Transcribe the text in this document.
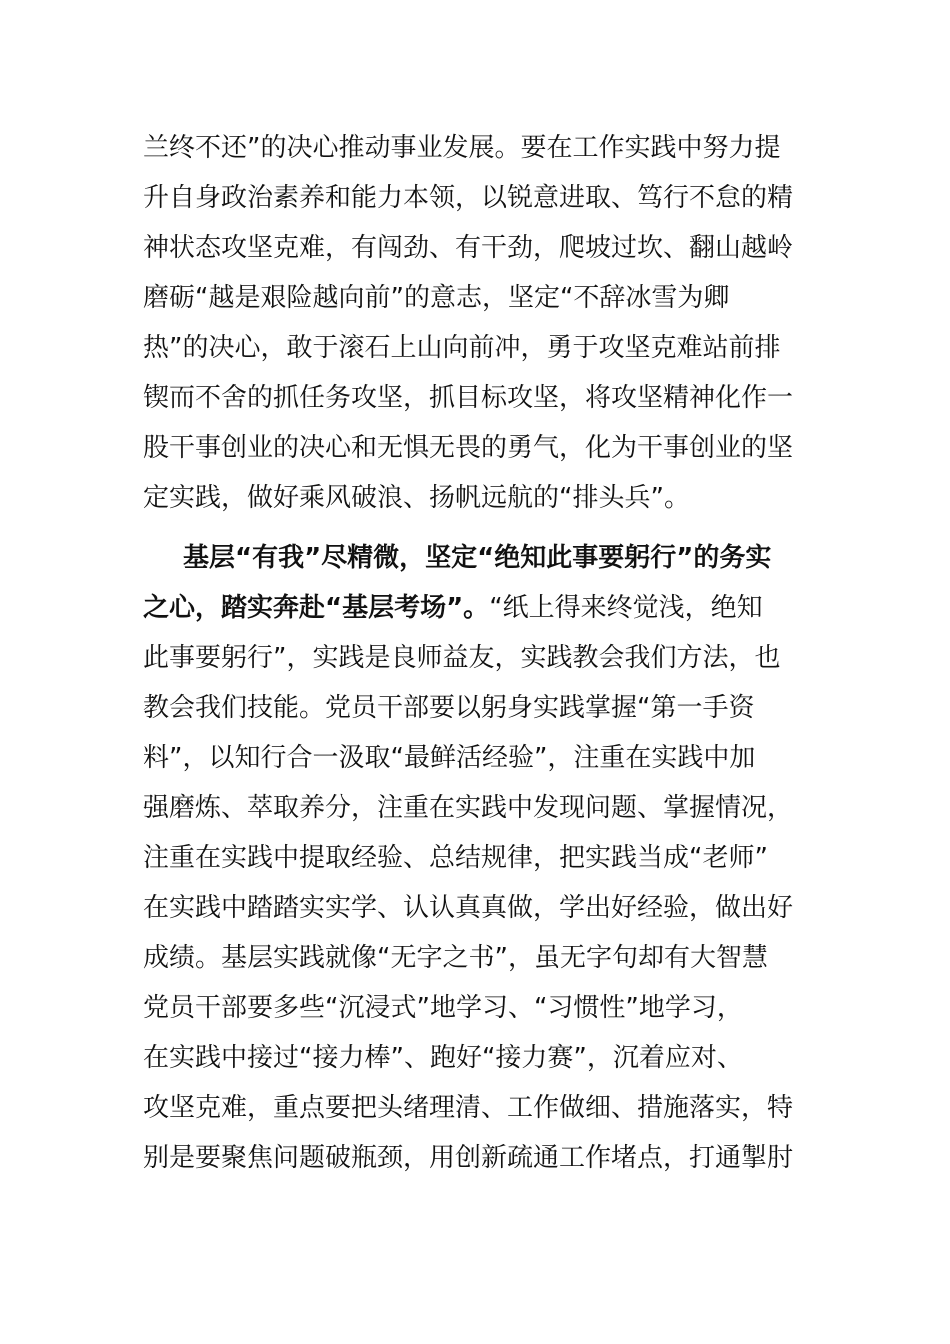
兰终不还”的决心推动事业发展。要在工作实践中努力提
升自身政治素养和能力本领，以锐意进取、笃行不怠的精
神状态攻坚克难，有闯劲、有干劲，爬坡过坎、翻山越岭
磨砺“越是艰险越向前”的意志，坚定“不辞冰雪为卿
热”的决心，敢于滚石上山向前冲，勇于攻坚克难站前排
锲而不舍的抓任务攻坚，抓目标攻坚，将攻坚精神化作一
股干事创业的决心和无惧无畏的勇气，化为干事创业的坚
定实践，做好乘风破浪、扬帆远航的“排头兵”。
基层“有我”尽精微，坚定“绝知此事要躬行”的务实
之心，踏实奔赴“基层考场”。“纸上得来终觉浅，绝知
此事要躬行”，实践是良师益友，实践教会我们方法，也
教会我们技能。党员干部要以躬身实践掌握“第一手资
料”，以知行合一汲取“最鲜活经验”，注重在实践中加
强磨炼、萃取养分，注重在实践中发现问题、掌握情况，
注重在实践中提取经验、总结规律，把实践当成“老师”
在实践中踏踏实实学、认认真真做，学出好经验，做出好
成绩。基层实践就像“无字之书”，虽无字句却有大智慧
党员干部要多些“沉浸式”地学习、“习惯性”地学习，
在实践中接过“接力棒”、跑好“接力赛”，沉着应对、
攻坚克难，重点要把头绪理清、工作做细、措施落实，特
别是要聚焦问题破瓶颈，用创新疏通工作堵点，打通掣肘
